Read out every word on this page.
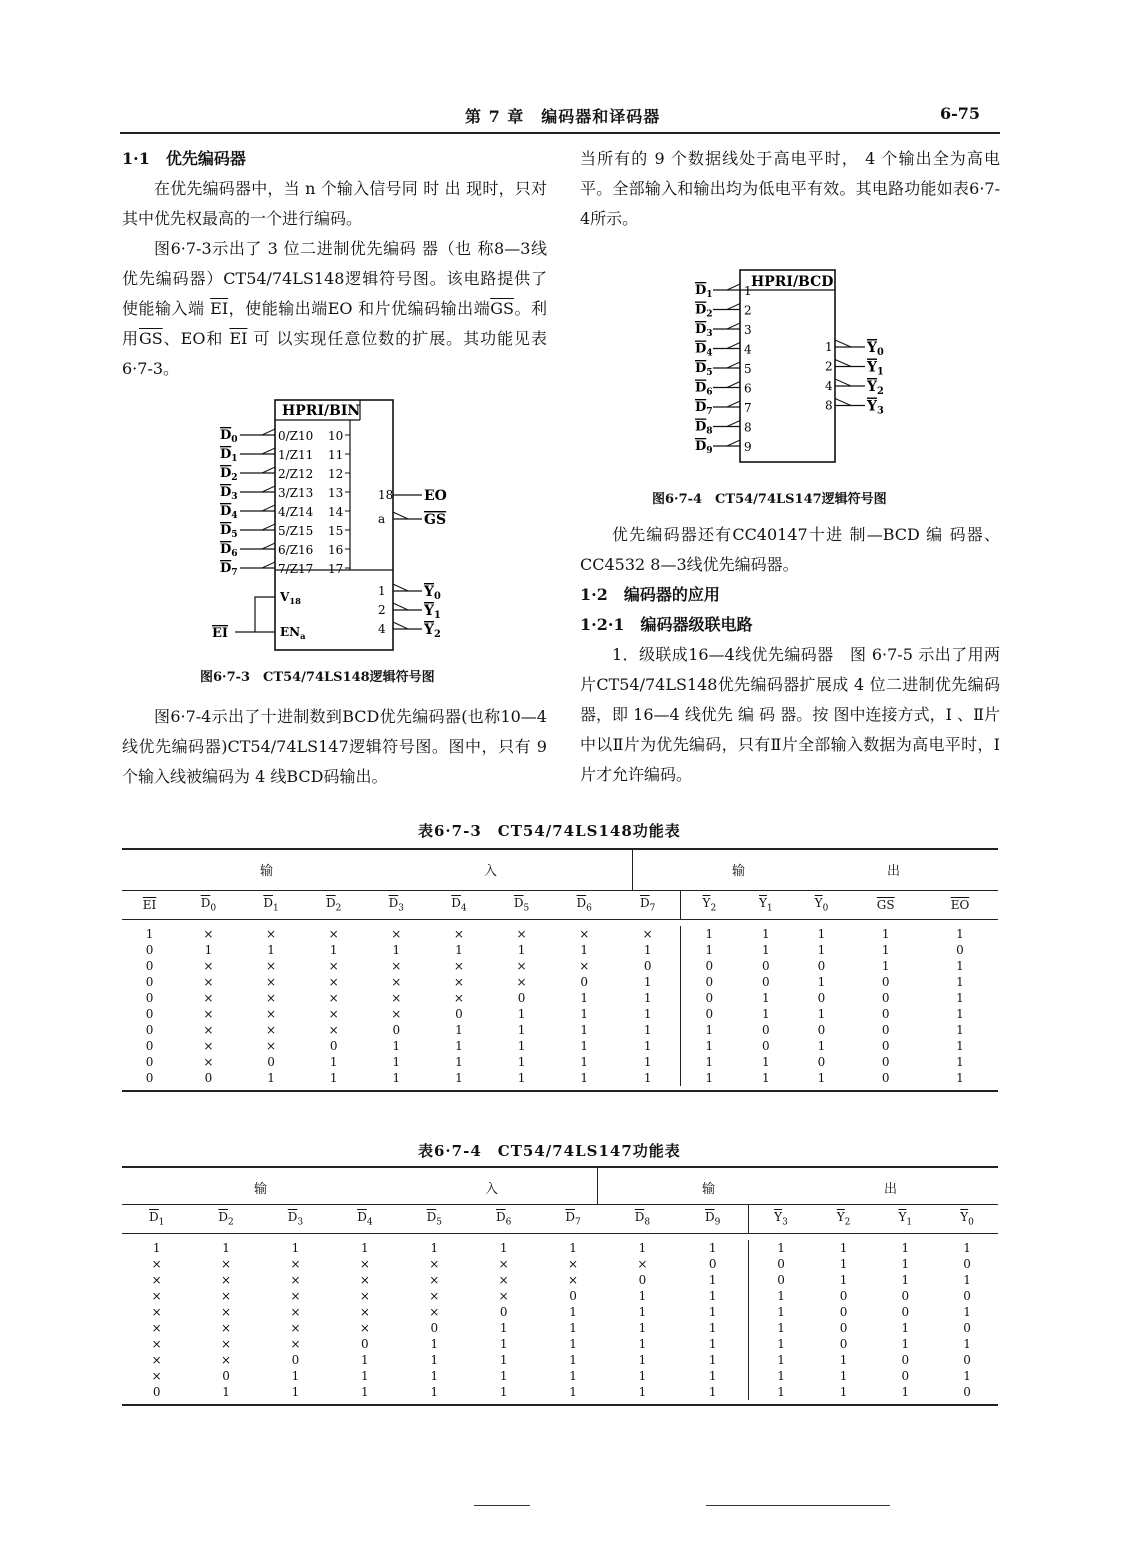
第 7 章　编码器和译码器	6-75

1·1　优先编码器

在优先编码器中，当 n 个输入信号同 时 出 现时，只对其中优先权最高的一个进行编码。

图6·7-3示出了 3 位二进制优先编码 器（也 称8—3线优先编码器）CT54/74LS148逻辑符号图。该电路提供了使能输入端 $\overline{EI}$，使能输出端EO 和片优编码输出端$\overline{GS}$。利用$\overline{GS}$、EO和 $\overline{EI}$ 可 以实现任意位数的扩展。其功能见表6·7-3。

HPRI/BIN
$D_0$	0/Z10 10
$D_1$	1/Z11 11
$D_2$	2/Z12 12
$D_3$	3/Z13 13
$D_4$	4/Z14 14
$D_5$	5/Z15 15
$D_6$	6/Z16 16
$D_7$	7/Z17 17
EI
$V_{18}$
$EN_a$
18 EO
a	GS
1	$Y_0$
2	$Y_1$
4	$Y_2$
图6·7-3　CT54/74LS148逻辑符号图

图6·7-4示出了十进制数到BCD优先编码器(也称10—4线优先编码器)CT54/74LS147逻辑符号图。图中，只有 9 个输入线被编码为 4 线BCD码输出。

当所有的 9 个数据线处于高电平时， 4 个输出全为高电平。全部输入和输出均为低电平有效。其电路功能如表6·7-4所示。

HPRI/BCD
$D_1$	1
$D_2$	2
$D_3$	3
$D_4$	4
$D_5$	5
$D_6$	6
$D_7$	7
$D_8$	8
$D_9$	9
1 $Y_0$
2 $Y_1$
4 $Y_2$
8 $Y_3$
图6·7-4　CT54/74LS147逻辑符号图

优先编码器还有CC40147十进 制—BCD 编 码器、CC4532 8—3线优先编码器。

1·2　编码器的应用

1·2·1　编码器级联电路

1．级联成16—4线优先编码器　图 6·7-5 示出了用两片CT54/74LS148优先编码器扩展成 4 位二进制优先编码器，即 16—4 线优先 编 码 器。按 图中连接方式，Ⅰ 、Ⅱ片中以Ⅱ片为优先编码，只有Ⅱ片全部输入数据为高电平时，Ⅰ片才允许编码。

表6·7-3　CT54/74LS148功能表
输	入	输	出
$\overline{EI}$	$\overline{D}_0$	$\overline{D}_1$	$\overline{D}_2$	$\overline{D}_3$	$\overline{D}_4$	$\overline{D}_5$	$\overline{D}_6$	$\overline{D}_7$	$\overline{Y}_2$	$\overline{Y}_1$	$\overline{Y}_0$	$\overline{GS}$	$\overline{EO}$

1	×	×	×	×	×	×	×	×	1	1	1	1	1
0	1	1	1	1	1	1	1	1	1	1	1	1	0
0	×	×	×	×	×	×	×	0	0	0	0	1	1
0	×	×	×	×	×	×	0	1	0	0	1	0	1
0	×	×	×	×	×	0	1	1	0	1	0	0	1
0	×	×	×	×	0	1	1	1	0	1	1	0	1
0	×	×	×	0	1	1	1	1	1	0	0	0	1
0	×	×	0	1	1	1	1	1	1	0	1	0	1
0	×	0	1	1	1	1	1	1	1	1	0	0	1
0	0	1	1	1	1	1	1	1	1	1	1	0	1
表6·7-4　CT54/74LS147功能表
输	入	输	出
$\overline{D}_1$	$\overline{D}_2$	$\overline{D}_3$	$\overline{D}_4$	$\overline{D}_5$	$\overline{D}_6$	$\overline{D}_7$	$\overline{D}_8$	$\overline{D}_9$	$\overline{Y}_3$	$\overline{Y}_2$	$\overline{Y}_1$	$\overline{Y}_0$

1	1	1	1	1	1	1	1	1	1	1	1	1
×	×	×	×	×	×	×	×	0	0	1	1	0
×	×	×	×	×	×	×	0	1	0	1	1	1
×	×	×	×	×	×	0	1	1	1	0	0	0
×	×	×	×	×	0	1	1	1	1	0	0	1
×	×	×	×	0	1	1	1	1	1	0	1	0
×	×	×	0	1	1	1	1	1	1	0	1	1
×	×	0	1	1	1	1	1	1	1	1	0	0
×	0	1	1	1	1	1	1	1	1	1	0	1
0	1	1	1	1	1	1	1	1	1	1	1	0
